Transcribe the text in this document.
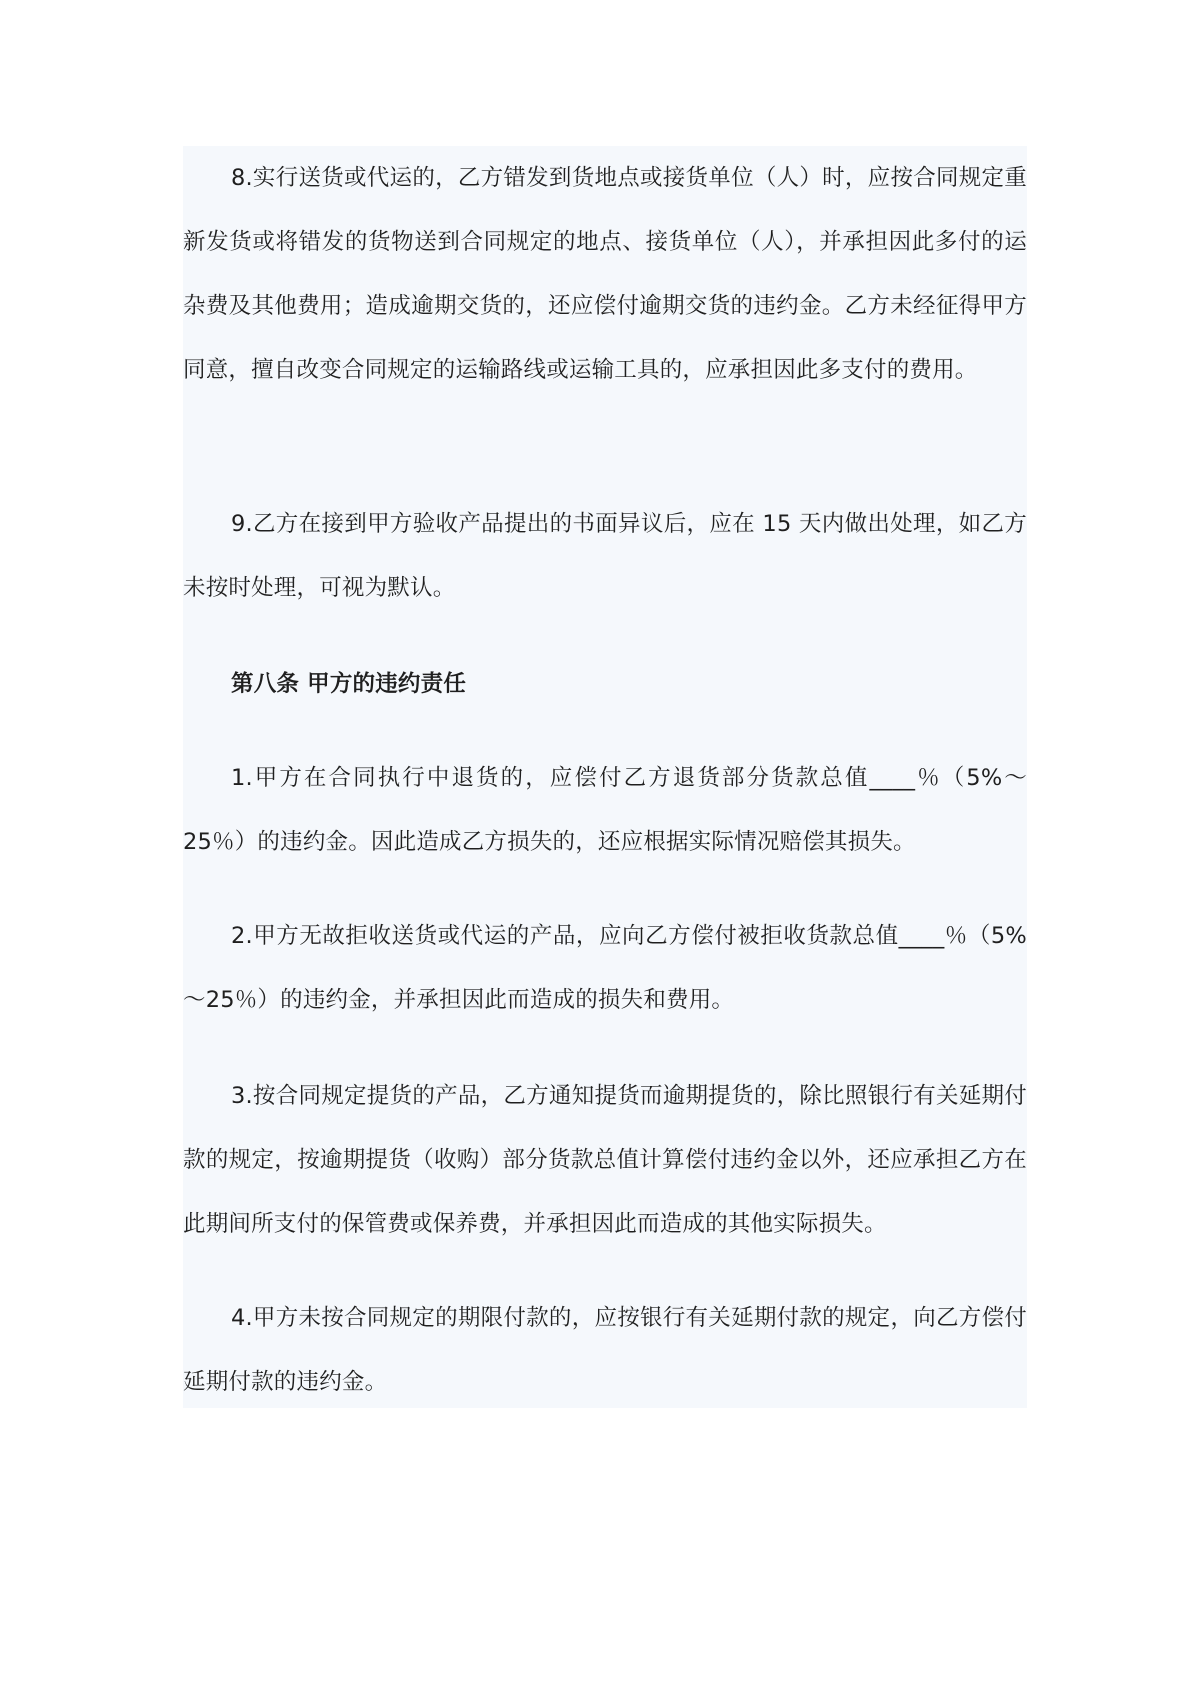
8.实行送货或代运的，乙方错发到货地点或接货单位（人）时，应按合同规定重新发货或将错发的货物送到合同规定的地点、接货单位（人），并承担因此多付的运杂费及其他费用；造成逾期交货的，还应偿付逾期交货的违约金。乙方未经征得甲方同意，擅自改变合同规定的运输路线或运输工具的，应承担因此多支付的费用。

9.乙方在接到甲方验收产品提出的书面异议后，应在 15 天内做出处理，如乙方未按时处理，可视为默认。

第八条 甲方的违约责任

1.甲方在合同执行中退货的，应偿付乙方退货部分货款总值____％（5%～25％）的违约金。因此造成乙方损失的，还应根据实际情况赔偿其损失。

2.甲方无故拒收送货或代运的产品，应向乙方偿付被拒收货款总值____％（5%～25％）的违约金，并承担因此而造成的损失和费用。

3.按合同规定提货的产品，乙方通知提货而逾期提货的，除比照银行有关延期付款的规定，按逾期提货（收购）部分货款总值计算偿付违约金以外，还应承担乙方在此期间所支付的保管费或保养费，并承担因此而造成的其他实际损失。

4.甲方未按合同规定的期限付款的，应按银行有关延期付款的规定，向乙方偿付延期付款的违约金。
